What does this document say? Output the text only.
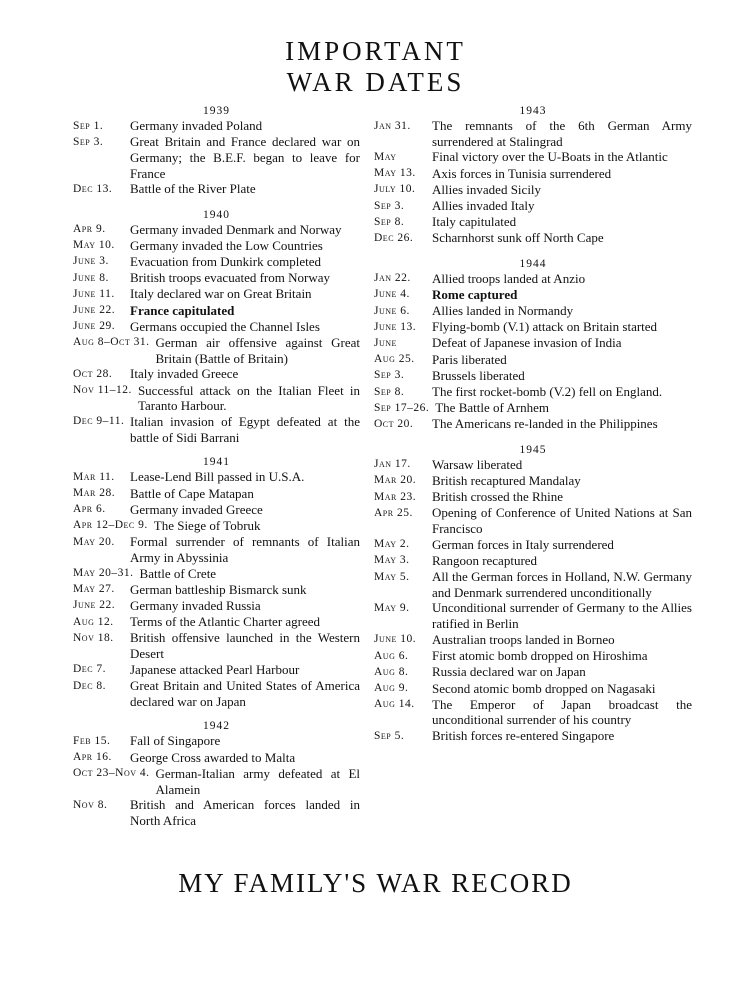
IMPORTANT
WAR DATES
1939
Sep 1.	Germany invaded Poland
Sep 3.	Great Britain and France declared war on Germany; the B.E.F. began to leave for France
Dec 13.	Battle of the River Plate
1940
Apr 9.	Germany invaded Denmark and Norway
May 10.	Germany invaded the Low Countries
June 3.	Evacuation from Dunkirk completed
June 8.	British troops evacuated from Norway
June 11.	Italy declared war on Great Britain
June 22.	France capitulated
June 29.	Germans occupied the Channel Isles
Aug 8–Oct 31. German air offensive against Great Britain (Battle of Britain)
Oct 28.	Italy invaded Greece
Nov 11–12. Successful attack on the Italian Fleet in Taranto Harbour.
Dec 9–11. Italian invasion of Egypt defeated at the battle of Sidi Barrani
1941
Mar 11.	Lease-Lend Bill passed in U.S.A.
Mar 28.	Battle of Cape Matapan
Apr 6.	Germany invaded Greece
Apr 12–Dec 9. The Siege of Tobruk
May 20.	Formal surrender of remnants of Italian Army in Abyssinia
May 20–31. Battle of Crete
May 27.	German battleship Bismarck sunk
June 22.	Germany invaded Russia
Aug 12.	Terms of the Atlantic Charter agreed
Nov 18.	British offensive launched in the Western Desert
Dec 7.	Japanese attacked Pearl Harbour
Dec 8.	Great Britain and United States of America declared war on Japan
1942
Feb 15.	Fall of Singapore
Apr 16.	George Cross awarded to Malta
Oct 23–Nov 4. German-Italian army defeated at El Alamein
Nov 8.	British and American forces landed in North Africa
1943
Jan 31.	The remnants of the 6th German Army surrendered at Stalingrad
May	Final victory over the U-Boats in the Atlantic
May 13.	Axis forces in Tunisia surrendered
July 10.	Allies invaded Sicily
Sep 3.	Allies invaded Italy
Sep 8.	Italy capitulated
Dec 26.	Scharnhorst sunk off North Cape
1944
Jan 22.	Allied troops landed at Anzio
June 4.	Rome captured
June 6.	Allies landed in Normandy
June 13.	Flying-bomb (V.1) attack on Britain started
June	Defeat of Japanese invasion of India
Aug 25.	Paris liberated
Sep 3.	Brussels liberated
Sep 8.	The first rocket-bomb (V.2) fell on England.
Sep 17–26. The Battle of Arnhem
Oct 20.	The Americans re-landed in the Philippines
1945
Jan 17.	Warsaw liberated
Mar 20.	British recaptured Mandalay
Mar 23.	British crossed the Rhine
Apr 25.	Opening of Conference of United Nations at San Francisco
May 2.	German forces in Italy surrendered
May 3.	Rangoon recaptured
May 5.	All the German forces in Holland, N.W. Germany and Denmark surrendered unconditionally
May 9.	Unconditional surrender of Germany to the Allies ratified in Berlin
June 10.	Australian troops landed in Borneo
Aug 6.	First atomic bomb dropped on Hiroshima
Aug 8.	Russia declared war on Japan
Aug 9.	Second atomic bomb dropped on Nagasaki
Aug 14.	The Emperor of Japan broadcast the unconditional surrender of his country
Sep 5.	British forces re-entered Singapore
MY FAMILY'S WAR RECORD
